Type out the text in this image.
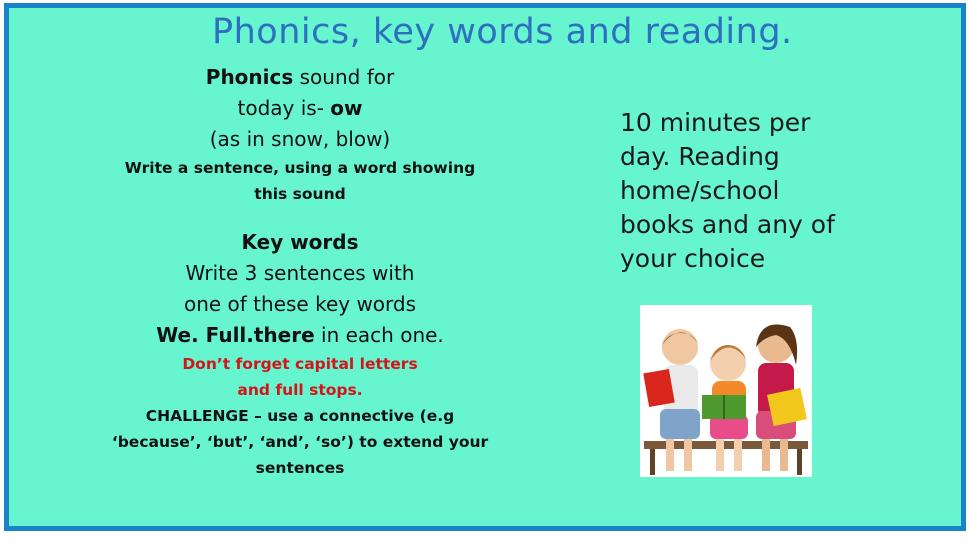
Phonics, key words and reading.
Phonics sound for
today is- ow
(as in snow, blow)
Write a sentence, using a word showing
this sound
Key words
Write 3 sentences with
one of these key words
We. Full.there in each one.
Don’t forget capital letters
and full stops.
CHALLENGE – use a connective (e.g
‘because’, ‘but’, ‘and’, ‘so’) to extend your
sentences
10 minutes per
day. Reading
home/school
books and any of
your choice
